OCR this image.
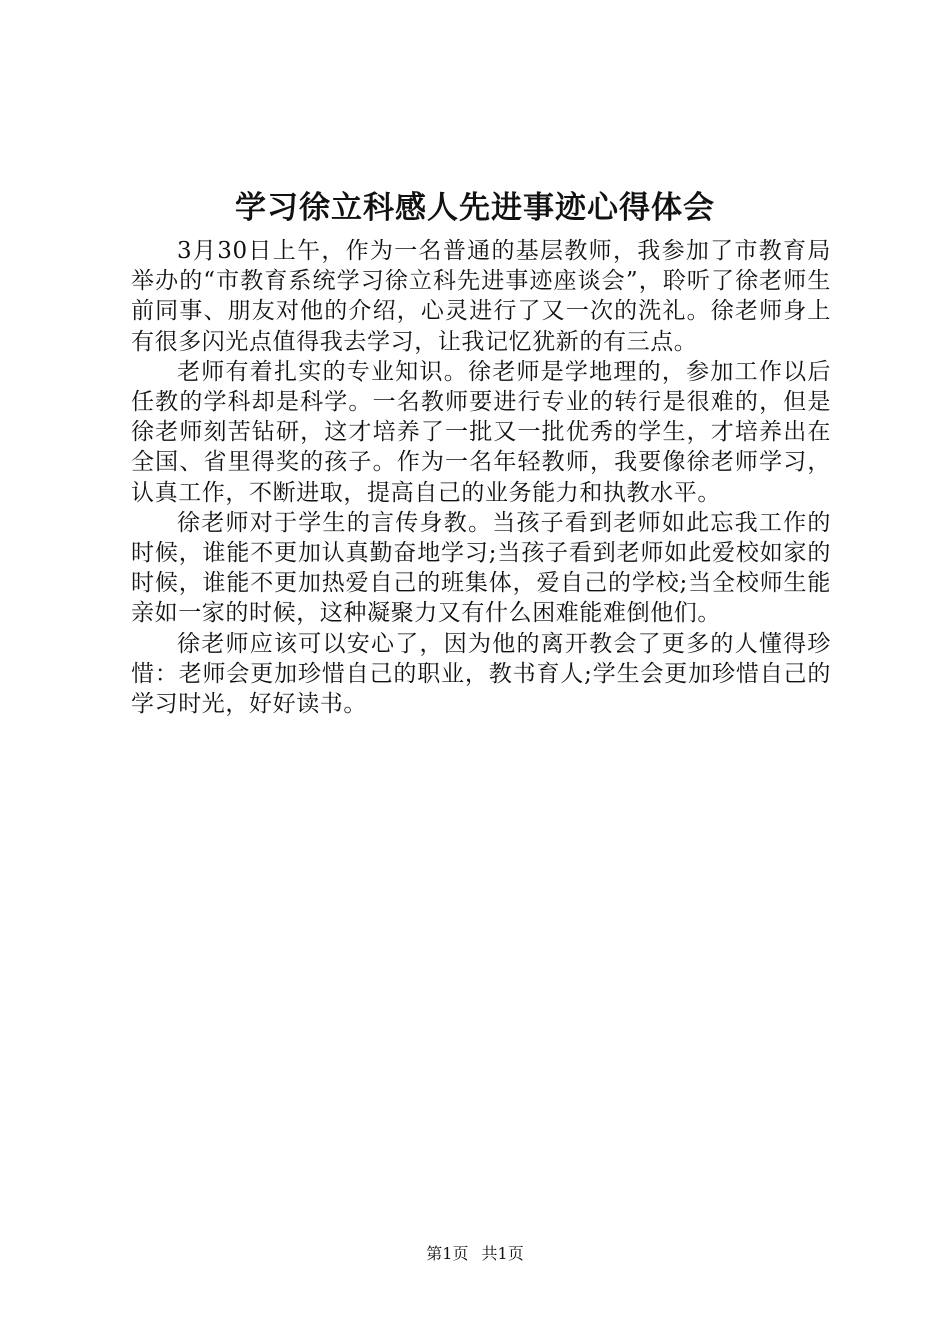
学习徐立科感人先进事迹心得体会

3月30日上午，作为一名普通的基层教师，我参加了市教育局举办的“市教育系统学习徐立科先进事迹座谈会”，聆听了徐老师生前同事、朋友对他的介绍，心灵进行了又一次的洗礼。徐老师身上有很多闪光点值得我去学习，让我记忆犹新的有三点。

老师有着扎实的专业知识。徐老师是学地理的，参加工作以后任教的学科却是科学。一名教师要进行专业的转行是很难的，但是徐老师刻苦钻研，这才培养了一批又一批优秀的学生，才培养出在全国、省里得奖的孩子。作为一名年轻教师，我要像徐老师学习，认真工作，不断进取，提高自己的业务能力和执教水平。

徐老师对于学生的言传身教。当孩子看到老师如此忘我工作的时候，谁能不更加认真勤奋地学习;当孩子看到老师如此爱校如家的时候，谁能不更加热爱自己的班集体，爱自己的学校;当全校师生能亲如一家的时候，这种凝聚力又有什么困难能难倒他们。

徐老师应该可以安心了，因为他的离开教会了更多的人懂得珍惜：老师会更加珍惜自己的职业，教书育人;学生会更加珍惜自己的学习时光，好好读书。

第1页 共1页
